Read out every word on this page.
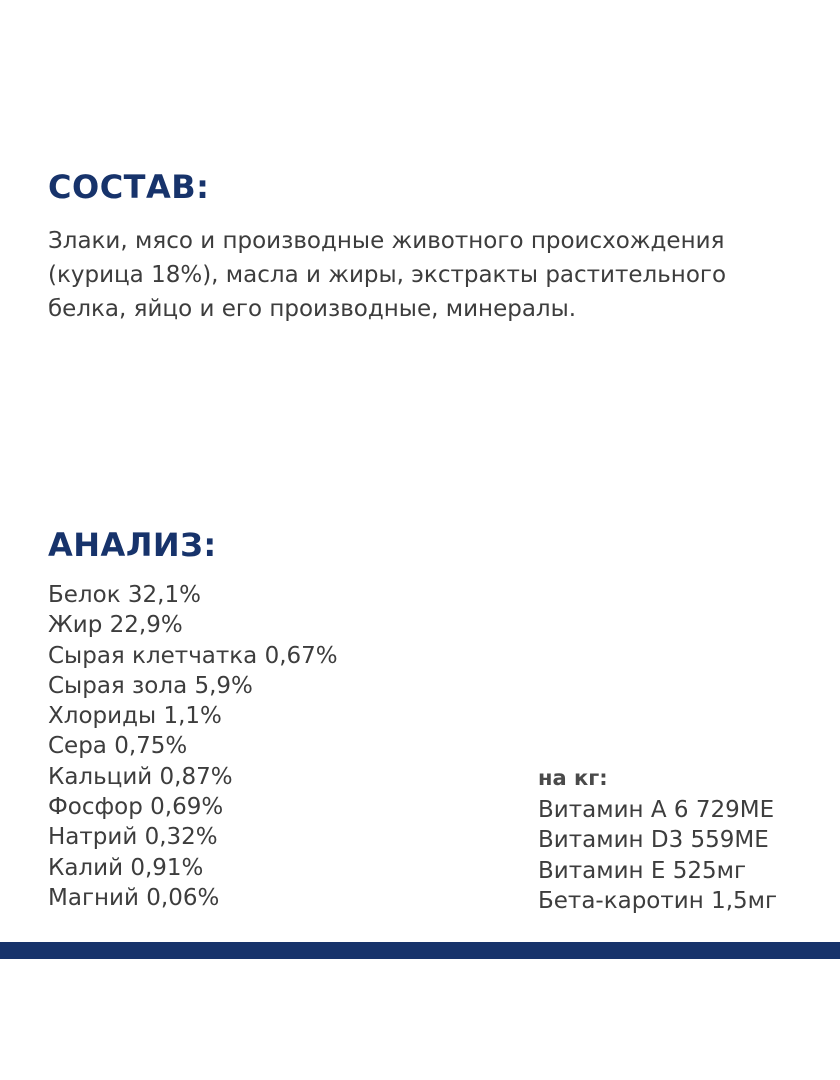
СОСТАВ:

Злаки, мясо и производные животного происхождения (курица 18%), масла и жиры, экстракты растительного белка, яйцо и его производные, минералы.

АНАЛИЗ:
Белок 32,1%
Жир 22,9%
Сырая клетчатка 0,67%
Сырая зола 5,9%
Хлориды 1,1%
Сера 0,75%
Кальций 0,87%
Фосфор 0,69%
Натрий 0,32%
Калий 0,91%
Магний 0,06%
на кг:
Витамин А 6 729МЕ
Витамин D3 559МЕ
Витамин Е 525мг
Бета-каротин 1,5мг
